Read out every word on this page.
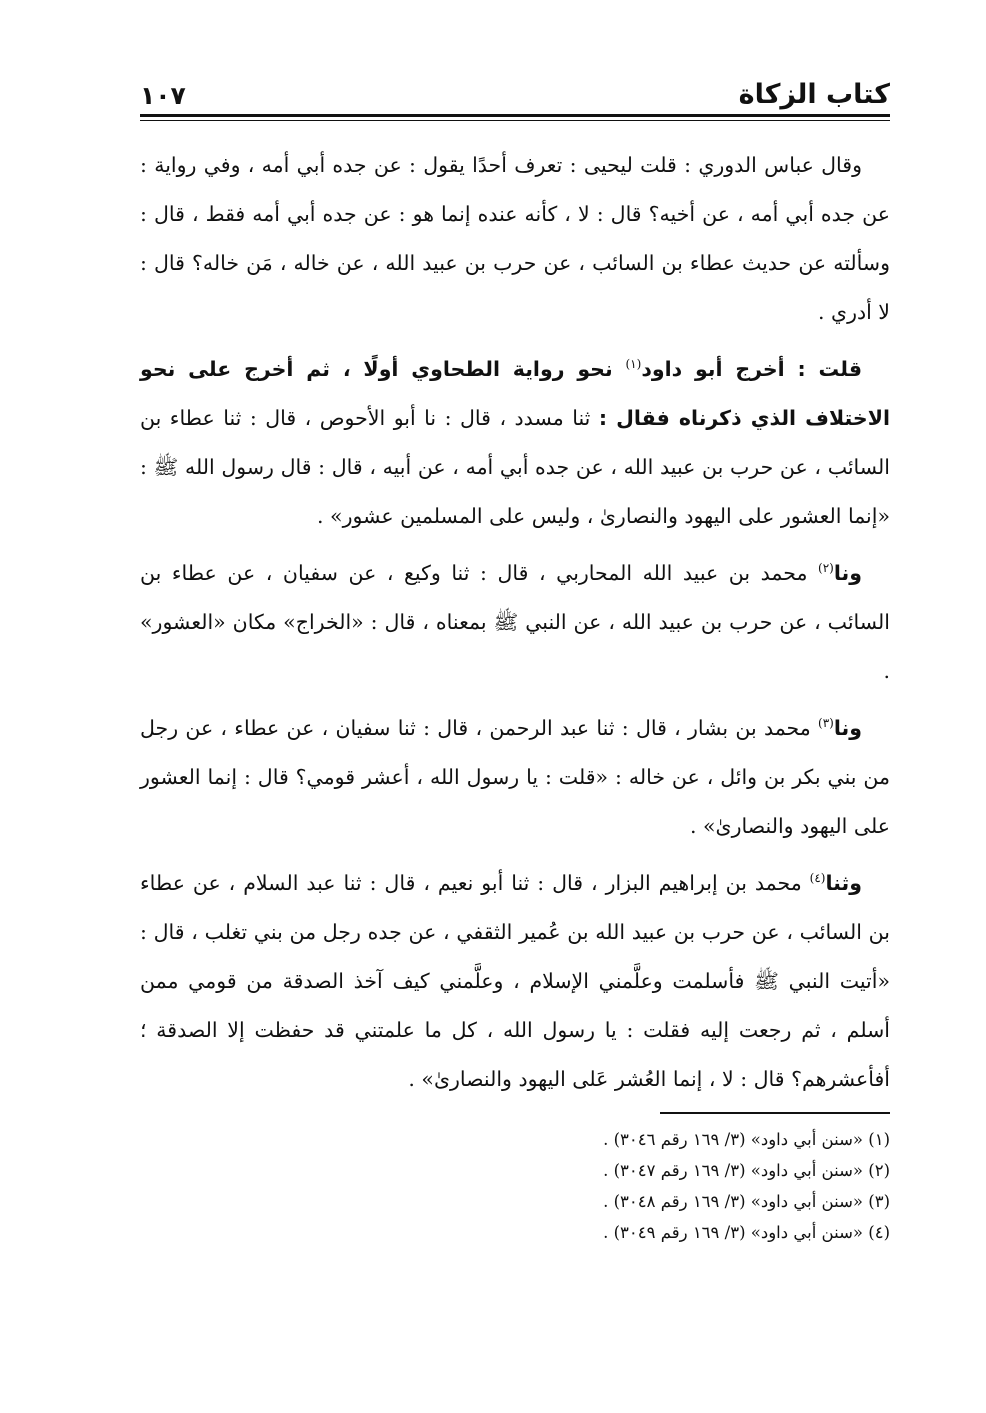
كتاب الزكاة
١٠٧

وقال عباس الدوري : قلت ليحيى : تعرف أحدًا يقول : عن جده أبي أمه ، وفي رواية : عن جده أبي أمه ، عن أخيه؟ قال : لا ، كأنه عنده إنما هو : عن جده أبي أمه فقط ، قال : وسألته عن حديث عطاء بن السائب ، عن حرب بن عبيد الله ، عن خاله ، مَن خاله؟ قال : لا أدري .

قلت : أخرج أبو داود$^{(١)}$ نحو رواية الطحاوي أولًا ، ثم أخرج على نحو الاختلاف الذي ذكرناه فقال : ثنا مسدد ، قال : نا أبو الأحوص ، قال : ثنا عطاء بن السائب ، عن حرب بن عبيد الله ، عن جده أبي أمه ، عن أبيه ، قال : قال رسول الله ﷺ : «إنما العشور على اليهود والنصارىٰ ، وليس على المسلمين عشور» .

ونا$^{(٢)}$ محمد بن عبيد الله المحاربي ، قال : ثنا وكيع ، عن سفيان ، عن عطاء بن السائب ، عن حرب بن عبيد الله ، عن النبي ﷺ بمعناه ، قال : «الخراج» مكان «العشور» .

ونا$^{(٣)}$ محمد بن بشار ، قال : ثنا عبد الرحمن ، قال : ثنا سفيان ، عن عطاء ، عن رجل من بني بكر بن وائل ، عن خاله : «قلت : يا رسول الله ، أعشر قومي؟ قال : إنما العشور على اليهود والنصارىٰ» .

وثنا$^{(٤)}$ محمد بن إبراهيم البزار ، قال : ثنا أبو نعيم ، قال : ثنا عبد السلام ، عن عطاء بن السائب ، عن حرب بن عبيد الله بن عُمير الثقفي ، عن جده رجل من بني تغلب ، قال : «أتيت النبي ﷺ فأسلمت وعلَّمني الإسلام ، وعلَّمني كيف آخذ الصدقة من قومي ممن أسلم ، ثم رجعت إليه فقلت : يا رسول الله ، كل ما علمتني قد حفظت إلا الصدقة ؛ أفأعشرهم؟ قال : لا ، إنما العُشر عَلى اليهود والنصارىٰ» .

(١) «سنن أبي داود» (٣/ ١٦٩ رقم ٣٠٤٦) .

(٢) «سنن أبي داود» (٣/ ١٦٩ رقم ٣٠٤٧) .

(٣) «سنن أبي داود» (٣/ ١٦٩ رقم ٣٠٤٨) .

(٤) «سنن أبي داود» (٣/ ١٦٩ رقم ٣٠٤٩) .
